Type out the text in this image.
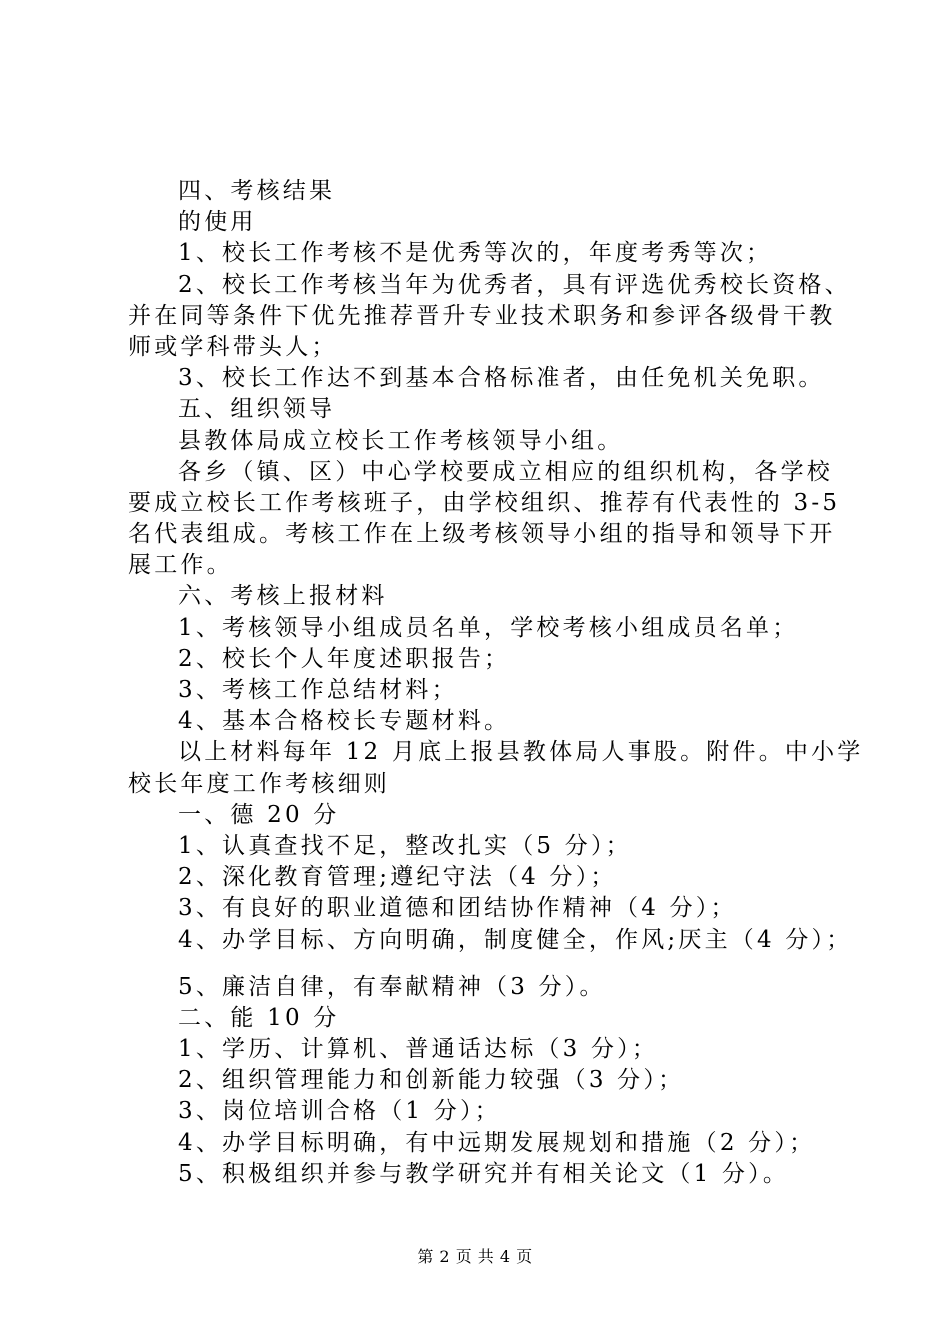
四、考核结果
的使用
1、校长工作考核不是优秀等次的，年度考秀等次；
2、校长工作考核当年为优秀者，具有评选优秀校长资格、
并在同等条件下优先推荐晋升专业技术职务和参评各级骨干教
师或学科带头人；
3、校长工作达不到基本合格标准者，由任免机关免职。
五、组织领导
县教体局成立校长工作考核领导小组。
各乡（镇、区）中心学校要成立相应的组织机构，各学校
要成立校长工作考核班子，由学校组织、推荐有代表性的 3-5
名代表组成。考核工作在上级考核领导小组的指导和领导下开
展工作。
六、考核上报材料
1、考核领导小组成员名单，学校考核小组成员名单；
2、校长个人年度述职报告；
3、考核工作总结材料；
4、基本合格校长专题材料。
以上材料每年 12 月底上报县教体局人事股。附件。中小学
校长年度工作考核细则
一、德 20 分
1、认真查找不足，整改扎实（5 分）；
2、深化教育管理;遵纪守法（4 分）；
3、有良好的职业道德和团结协作精神（4 分）；
4、办学目标、方向明确，制度健全，作风;厌主（4 分）；
5、廉洁自律，有奉献精神（3 分）。
二、能 10 分
1、学历、计算机、普通话达标（3 分）；
2、组织管理能力和创新能力较强（3 分）；
3、岗位培训合格（1 分）；
4、办学目标明确，有中远期发展规划和措施（2 分）；
5、积极组织并参与教学研究并有相关论文（1 分）。
第 2 页 共 4 页
